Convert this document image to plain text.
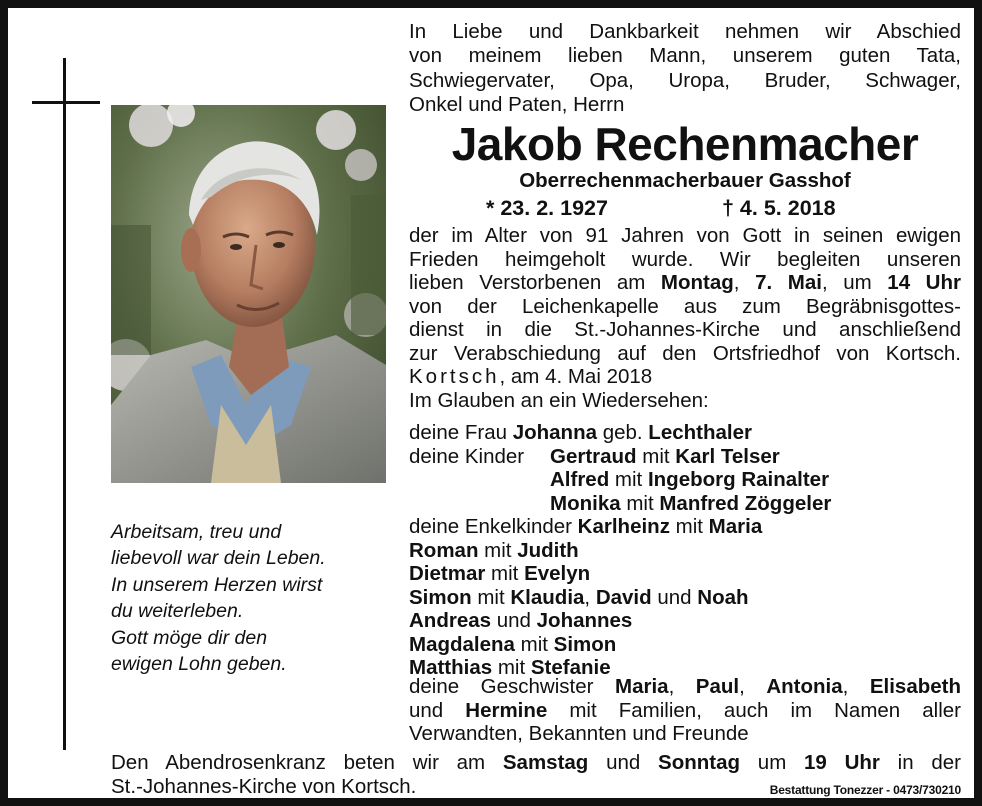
Arbeitsam, treu und
liebevoll war dein Leben.
In unserem Herzen wirst
du weiterleben.
Gott möge dir den
ewigen Lohn geben.
In Liebe und Dankbarkeit nehmen wir Abschied
von meinem lieben Mann, unserem guten Tata,
Schwiegervater, Opa, Uropa, Bruder, Schwager,
Onkel und Paten, Herrn
Jakob Rechenmacher
Oberrechenmacherbauer Gasshof
* 23. 2. 1927	† 4. 5. 2018
der im Alter von 91 Jahren von Gott in seinen ewigen
Frieden heimgeholt wurde. Wir begleiten unseren
lieben Verstorbenen am Montag, 7. Mai, um 14 Uhr
von der Leichenkapelle aus zum Begräbnisgottes-
dienst in die St.-Johannes-Kirche und anschließend
zur Verabschiedung auf den Ortsfriedhof von Kortsch.
Kortsch, am 4. Mai 2018
Im Glauben an ein Wiedersehen:
deine Frau Johanna geb. Lechthaler
deine Kinder Gertraud mit Karl Telser
Alfred mit Ingeborg Rainalter
Monika mit Manfred Zöggeler
deine Enkelkinder Karlheinz mit Maria
Roman mit Judith
Dietmar mit Evelyn
Simon mit Klaudia, David und Noah
Andreas und Johannes
Magdalena mit Simon
Matthias mit Stefanie
deine Geschwister Maria, Paul, Antonia, Elisabeth
und Hermine mit Familien, auch im Namen aller
Verwandten, Bekannten und Freunde
Den Abendrosenkranz beten wir am Samstag und Sonntag um 19 Uhr in der
St.-Johannes-Kirche von Kortsch.	Bestattung Tonezzer - 0473/730210
